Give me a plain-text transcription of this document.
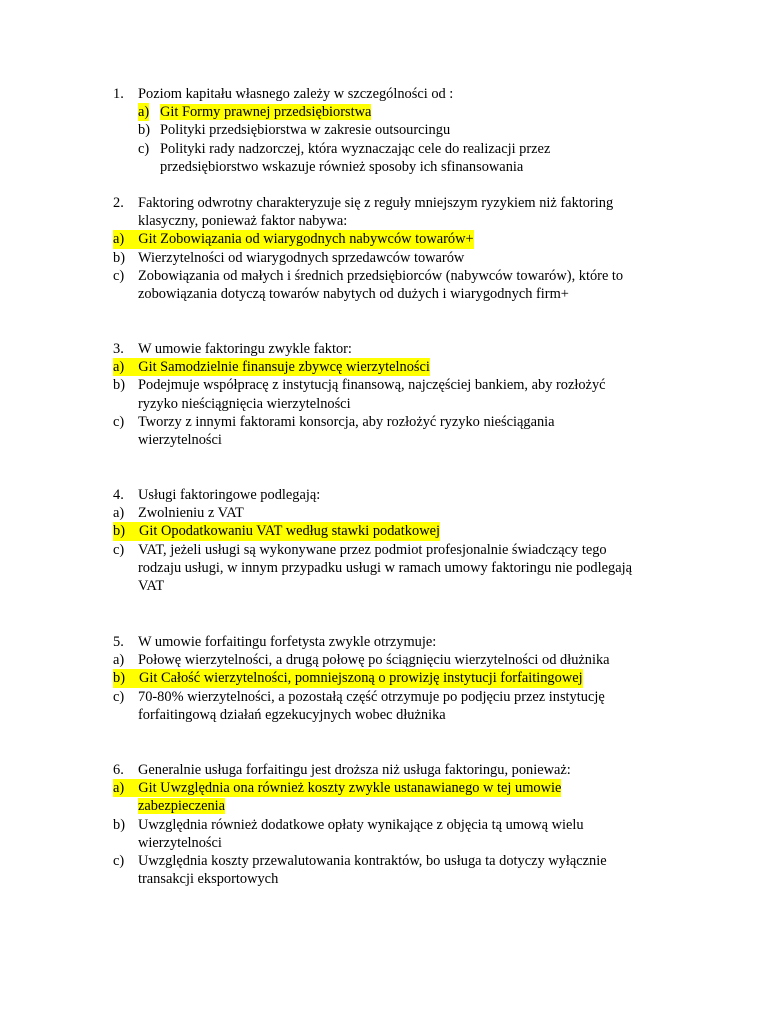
1. Poziom kapitału własnego zależy w szczególności od :
a) Git Formy prawnej przedsiębiorstwa
b) Polityki przedsiębiorstwa w zakresie outsourcingu
c) Polityki rady nadzorczej, która wyznaczając cele do realizacji przez
przedsiębiorstwo wskazuje również sposoby ich sfinansowania
2. Faktoring odwrotny charakteryzuje się z reguły mniejszym ryzykiem niż faktoring
klasyczny, ponieważ faktor nabywa:
a) Git Zobowiązania od wiarygodnych nabywców towarów+
b) Wierzytelności od wiarygodnych sprzedawców towarów
c) Zobowiązania od małych i średnich przedsiębiorców (nabywców towarów), które to
zobowiązania dotyczą towarów nabytych od dużych i wiarygodnych firm+
3. W umowie faktoringu zwykle faktor:
a) Git Samodzielnie finansuje zbywcę wierzytelności
b) Podejmuje współpracę z instytucją finansową, najczęściej bankiem, aby rozłożyć
ryzyko nieściągnięcia wierzytelności
c) Tworzy z innymi faktorami konsorcja, aby rozłożyć ryzyko nieściągania
wierzytelności
4. Usługi faktoringowe podlegają:
a) Zwolnieniu z VAT
b) Git Opodatkowaniu VAT według stawki podatkowej
c) VAT, jeżeli usługi są wykonywane przez podmiot profesjonalnie świadczący tego
rodzaju usługi, w innym przypadku usługi w ramach umowy faktoringu nie podlegają
VAT
5. W umowie forfaitingu forfetysta zwykle otrzymuje:
a) Połowę wierzytelności, a drugą połowę po ściągnięciu wierzytelności od dłużnika
b) Git Całość wierzytelności, pomniejszoną o prowizję instytucji forfaitingowej
c) 70-80% wierzytelności, a pozostałą część otrzymuje po podjęciu przez instytucję
forfaitingową działań egzekucyjnych wobec dłużnika
6. Generalnie usługa forfaitingu jest droższa niż usługa faktoringu, ponieważ:
a) Git Uwzględnia ona również koszty zwykle ustanawianego w tej umowie
zabezpieczenia
b) Uwzględnia również dodatkowe opłaty wynikające z objęcia tą umową wielu
wierzytelności
c) Uwzględnia koszty przewalutowania kontraktów, bo usługa ta dotyczy wyłącznie
transakcji eksportowych
